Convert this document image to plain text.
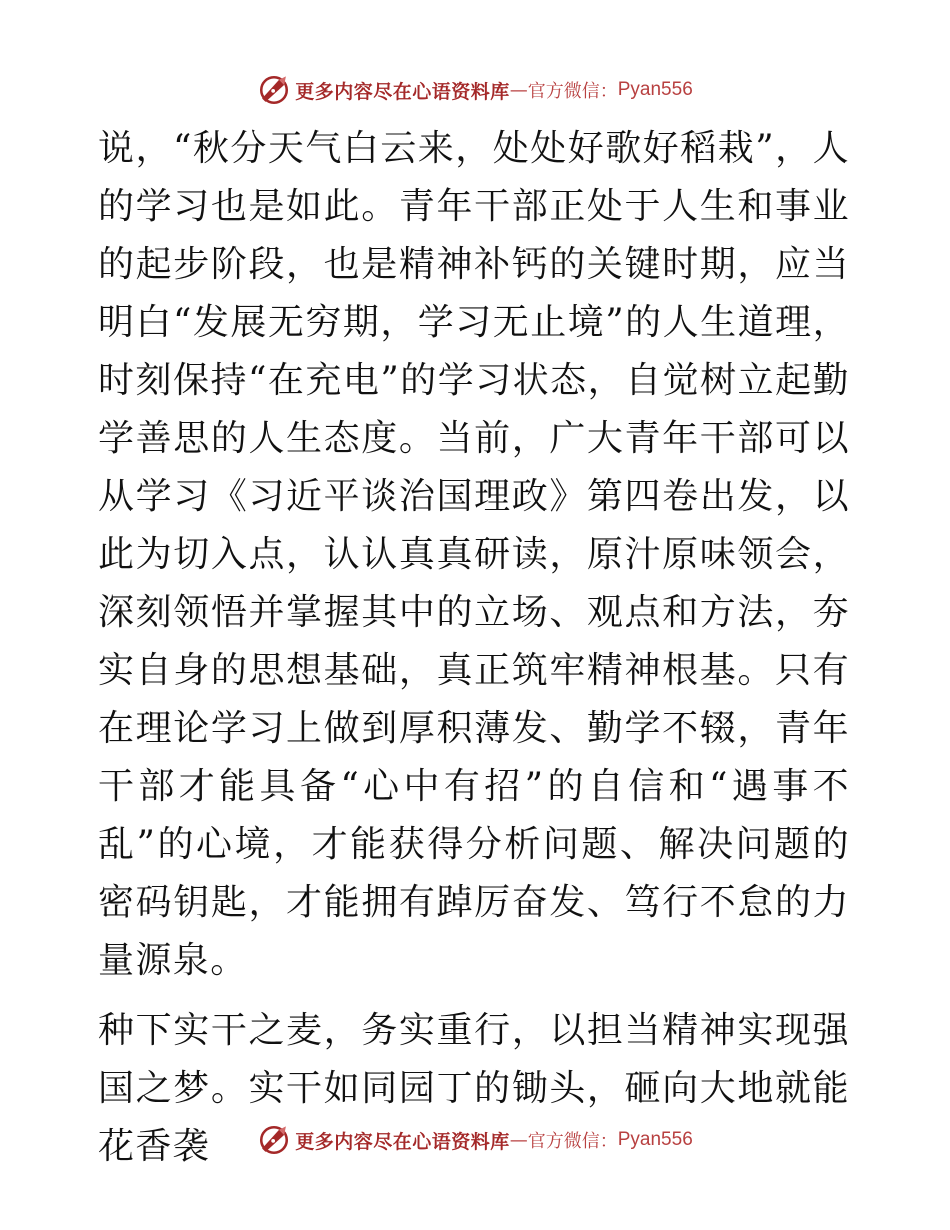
更多内容尽在心语资料库 — 官方微信： Pyan556

说，“秋分天气白云来，处处好歌好稻栽”，人的学习也是如此。青年干部正处于人生和事业的起步阶段，也是精神补钙的关键时期，应当明白“发展无穷期，学习无止境”的人生道理，时刻保持“在充电”的学习状态，自觉树立起勤学善思的人生态度。当前，广大青年干部可以从学习《习近平谈治国理政》第四卷出发，以此为切入点，认认真真研读，原汁原味领会，深刻领悟并掌握其中的立场、观点和方法，夯实自身的思想基础，真正筑牢精神根基。只有在理论学习上做到厚积薄发、勤学不辍，青年干部才能具备“心中有招”的自信和“遇事不乱”的心境，才能获得分析问题、解决问题的密码钥匙，才能拥有踔厉奋发、笃行不怠的力量源泉。

种下实干之麦，务实重行，以担当精神实现强国之梦。实干如同园丁的锄头，砸向大地就能花香袭	更多内容尽在心语资料库 — 官方微信： Pyan556
